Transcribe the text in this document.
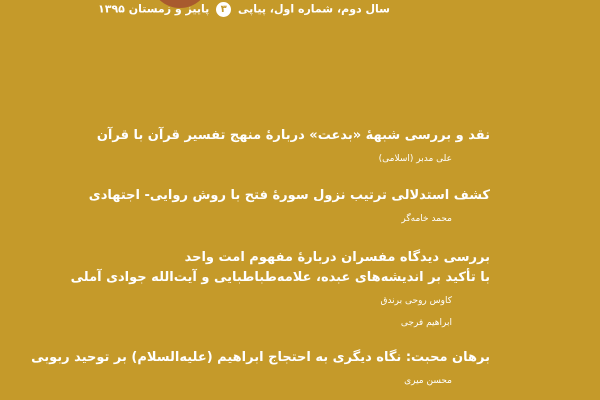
سال دوم، شماره اول، پیاپی ۳ پاییز و زمستان ۱۳۹۵
نقد و بررسی شبههٔ «بدعت» دربارهٔ منهج تفسیر قرآن با قرآن
علی مدبر (اسلامی)
کشف استدلالی ترتیب نزول سورهٔ فتح با روش روایی- اجتهادی
محمد خامه‌گر
بررسی دیدگاه مفسران دربارهٔ مفهوم امت واحد
با تأکید بر اندیشه‌های عبده، علامه‌طباطبایی و آیت‌الله جوادی آملی
کاوس روحی برندق
ابراهیم فرجی
برهان محبت: نگاه دیگری به احتجاج ابراهیم (علیه‌السلام) بر توحید ربوبی
محسن میری
